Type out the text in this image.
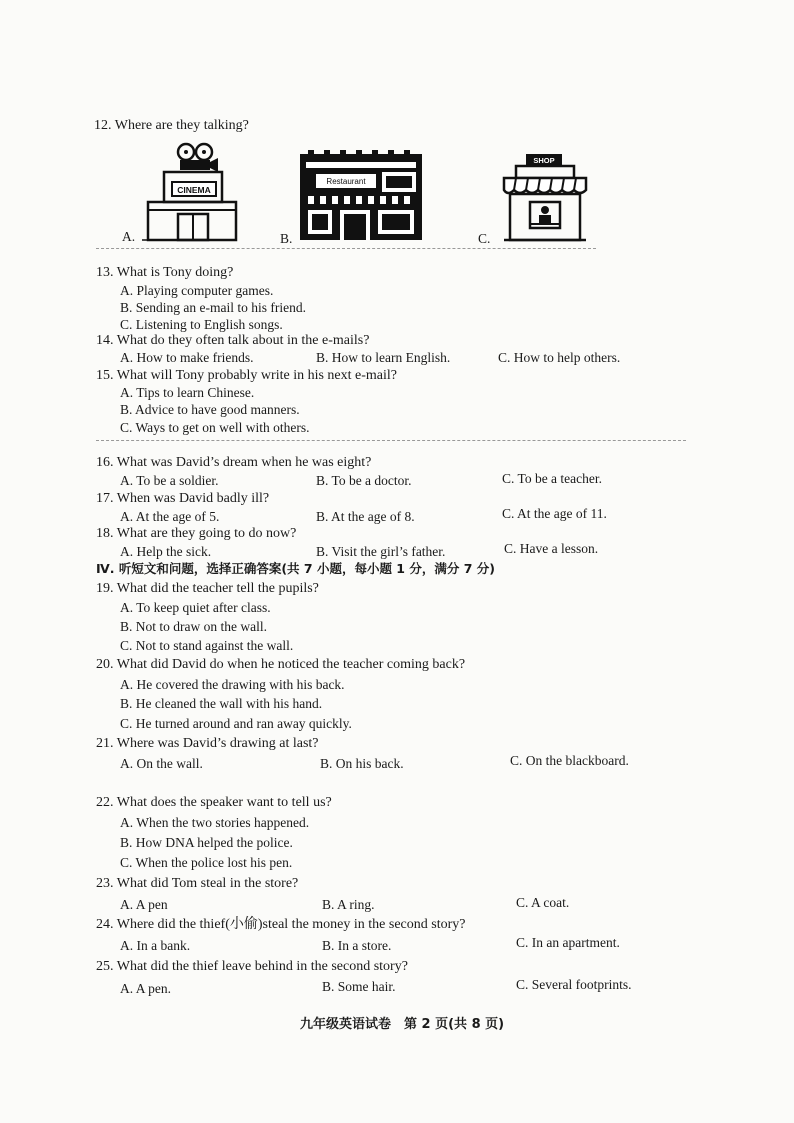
12. Where are they talking?
A.
CINEMA
B.
Restaurant
C.
SHOP
13. What is Tony doing?
A. Playing computer games.
B. Sending an e-mail to his friend.
C. Listening to English songs.
14. What do they often talk about in the e-mails?
A. How to make friends.	B. How to learn English.	C. How to help others.
15. What will Tony probably write in his next e-mail?
A. Tips to learn Chinese.
B. Advice to have good manners.
C. Ways to get on well with others.
16. What was David’s dream when he was eight?
A. To be a soldier.	B. To be a doctor.	C. To be a teacher.
17. When was David badly ill?
A. At the age of 5.	B. At the age of 8.	C. At the age of 11.
18. What are they going to do now?
A. Help the sick.	B. Visit the girl’s father.	C. Have a lesson.
Ⅳ. 听短文和问题，选择正确答案(共 7 小题，每小题 1 分，满分 7 分)
19. What did the teacher tell the pupils?
A. To keep quiet after class.
B. Not to draw on the wall.
C. Not to stand against the wall.
20. What did David do when he noticed the teacher coming back?
A. He covered the drawing with his back.
B. He cleaned the wall with his hand.
C. He turned around and ran away quickly.
21. Where was David’s drawing at last?
A. On the wall.	B. On his back.	C. On the blackboard.
22. What does the speaker want to tell us?
A. When the two stories happened.
B. How DNA helped the police.
C. When the police lost his pen.
23. What did Tom steal in the store?
A. A pen	B. A ring.	C. A coat.
24. Where did the thief(小偷)steal the money in the second story?
A. In a bank.	B. In a store.	C. In an apartment.
25. What did the thief leave behind in the second story?
A. A pen.	B. Some hair.	C. Several footprints.
九年级英语试卷　第 2 页(共 8 页)
